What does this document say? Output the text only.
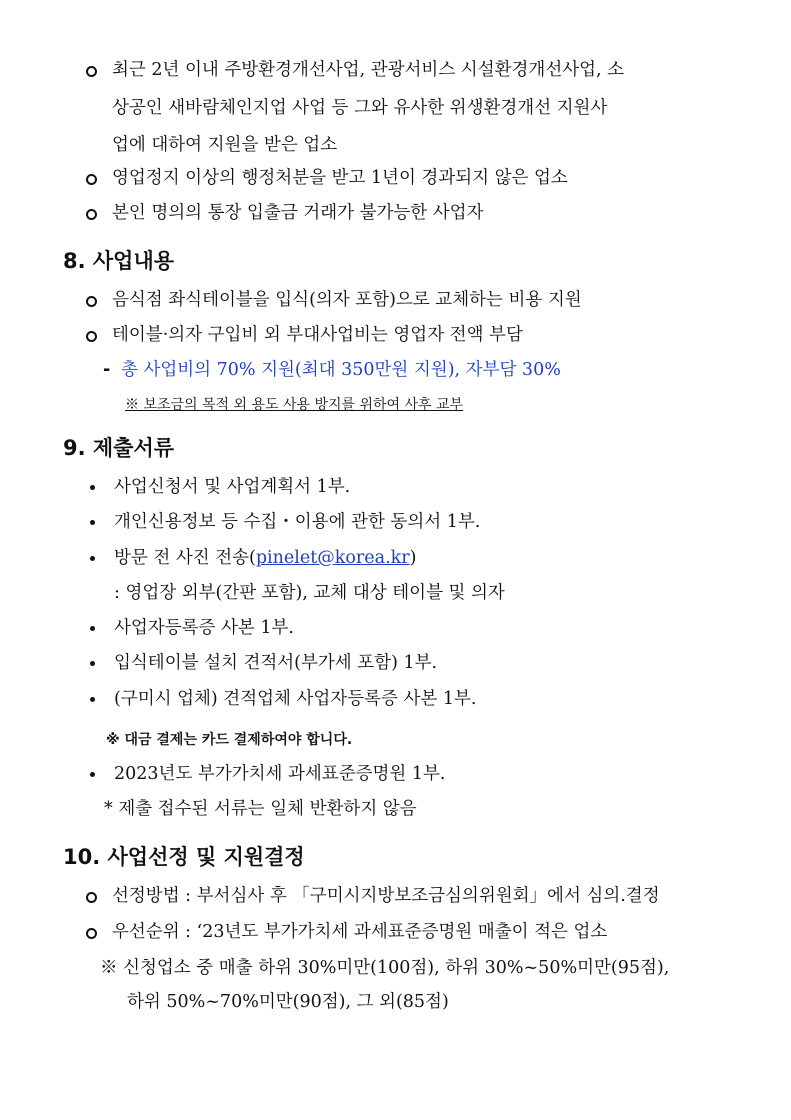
최근 2년 이내 주방환경개선사업, 관광서비스 시설환경개선사업, 소
상공인 새바람체인지업 사업 등 그와 유사한 위생환경개선 지원사
업에 대하여 지원을 받은 업소
영업정지 이상의 행정처분을 받고 1년이 경과되지 않은 업소
본인 명의의 통장 입출금 거래가 불가능한 사업자
8. 사업내용
음식점 좌식테이블을 입식(의자 포함)으로 교체하는 비용 지원
테이블·의자 구입비 외 부대사업비는 영업자 전액 부담
- 총 사업비의 70% 지원(최대 350만원 지원), 자부담 30%
※ 보조금의 목적 외 용도 사용 방지를 위하여 사후 교부
9. 제출서류
사업신청서 및 사업계획서 1부.
개인신용정보 등 수집・이용에 관한 동의서 1부.
방문 전 사진 전송(pinelet@korea.kr)
: 영업장 외부(간판 포함), 교체 대상 테이블 및 의자
사업자등록증 사본 1부.
입식테이블 설치 견적서(부가세 포함) 1부.
(구미시 업체) 견적업체 사업자등록증 사본 1부.
※ 대금 결제는 카드 결제하여야 합니다.
2023년도 부가가치세 과세표준증명원 1부.
* 제출 접수된 서류는 일체 반환하지 않음
10. 사업선정 및 지원결정
선정방법 : 부서심사 후 「구미시지방보조금심의위원회」에서 심의.결정
우선순위 : ‘23년도 부가가치세 과세표준증명원 매출이 적은 업소
※ 신청업소 중 매출 하위 30%미만(100점), 하위 30%~50%미만(95점),
하위 50%~70%미만(90점), 그 외(85점)
